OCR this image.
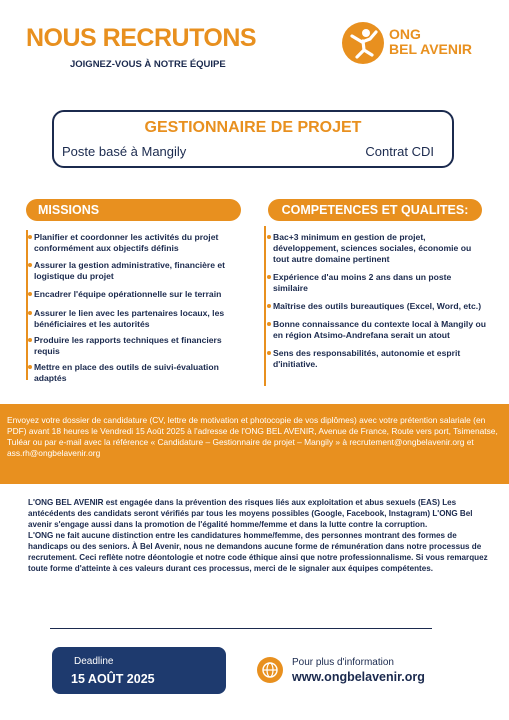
NOUS RECRUTONS
JOIGNEZ-VOUS À NOTRE ÉQUIPE
ONG
BEL AVENIR
GESTIONNAIRE DE PROJET
Poste basé à Mangily	Contrat CDI
MISSIONS	COMPETENCES ET QUALITES:
Planifier et coordonner les activités du projet conformément aux objectifs définis
Assurer la gestion administrative, financière et logistique du projet
Encadrer l'équipe opérationnelle sur le terrain
Assurer le lien avec les partenaires locaux, les bénéficiaires et les autorités
Produire les rapports techniques et financiers requis
Mettre en place des outils de suivi-évaluation adaptés
Bac+3 minimum en gestion de projet, développement, sciences sociales, économie ou tout autre domaine pertinent
Expérience d'au moins 2 ans dans un poste similaire
Maîtrise des outils bureautiques (Excel, Word, etc.)
Bonne connaissance du contexte local à Mangily ou en région Atsimo-Andrefana serait un atout
Sens des responsabilités, autonomie et esprit d'initiative.
Envoyez votre dossier de candidature (CV, lettre de motivation et photocopie de vos diplômes) avec votre prétention salariale (en PDF) avant 18 heures le Vendredi 15 Août 2025 à l'adresse de l'ONG BEL AVENIR, Avenue de France, Route vers port, Tsimenatse, Tuléar ou par e-mail avec la référence « Candidature – Gestionnaire de projet – Mangily » à recrutement@ongbelavenir.org et ass.rh@ongbelavenir.org

L'ONG BEL AVENIR est engagée dans la prévention des risques liés aux exploitation et abus sexuels (EAS) Les antécédents des candidats seront vérifiés par tous les moyens possibles (Google, Facebook, Instagram) L'ONG Bel avenir s'engage aussi dans la promotion de l'égalité homme/femme et dans la lutte contre la corruption.

L'ONG ne fait aucune distinction entre les candidatures homme/femme, des personnes montrant des formes de handicaps ou des seniors. À Bel Avenir, nous ne demandons aucune forme de rémunération dans notre processus de recrutement. Ceci reflète notre déontologie et notre code éthique ainsi que notre professionnalisme. Si vous remarquez toute forme d'atteinte à ces valeurs durant ces processus, merci de le signaler aux équipes compétentes.

Deadline
15 AOÛT 2025
Pour plus d'information
www.ongbelavenir.org
